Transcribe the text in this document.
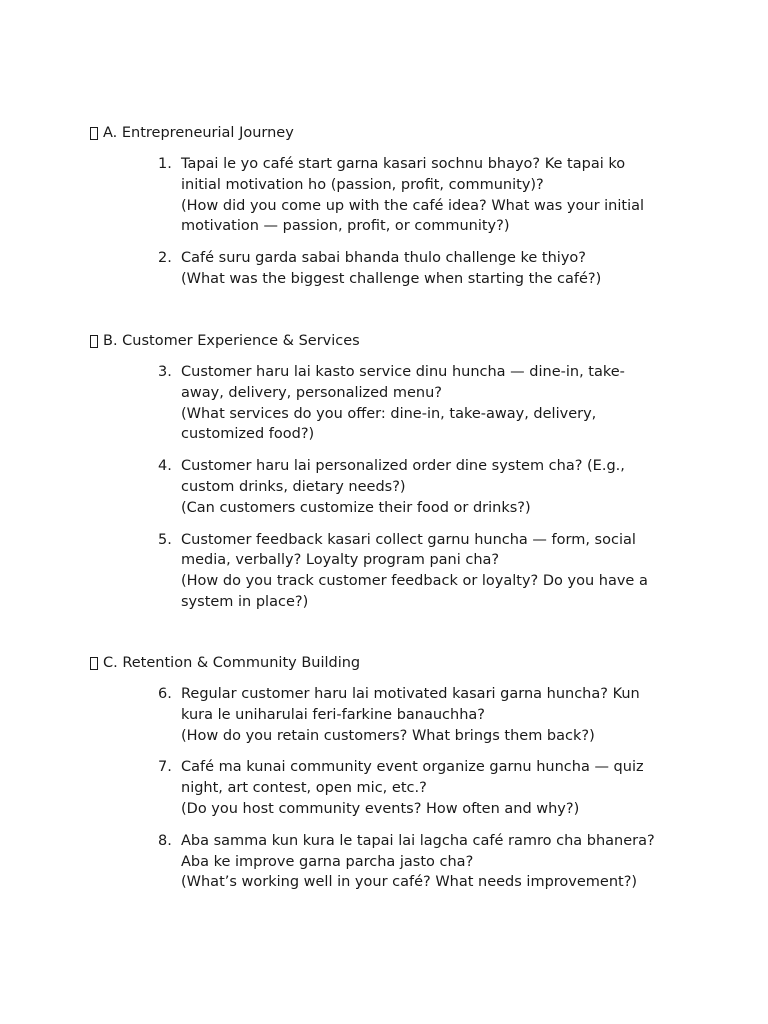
A. Entrepreneurial Journey
1. Tapai le yo café start garna kasari sochnu bhayo? Ke tapai ko
initial motivation ho (passion, profit, community)?
(How did you come up with the café idea? What was your initial
motivation — passion, profit, or community?)
2. Café suru garda sabai bhanda thulo challenge ke thiyo?
(What was the biggest challenge when starting the café?)
B. Customer Experience & Services
3. Customer haru lai kasto service dinu huncha — dine-in, take-
away, delivery, personalized menu?
(What services do you offer: dine-in, take-away, delivery,
customized food?)
4. Customer haru lai personalized order dine system cha? (E.g.,
custom drinks, dietary needs?)
(Can customers customize their food or drinks?)
5. Customer feedback kasari collect garnu huncha — form, social
media, verbally? Loyalty program pani cha?
(How do you track customer feedback or loyalty? Do you have a
system in place?)
C. Retention & Community Building
6. Regular customer haru lai motivated kasari garna huncha? Kun
kura le uniharulai feri-farkine banauchha?
(How do you retain customers? What brings them back?)
7. Café ma kunai community event organize garnu huncha — quiz
night, art contest, open mic, etc.?
(Do you host community events? How often and why?)
8. Aba samma kun kura le tapai lai lagcha café ramro cha bhanera?
Aba ke improve garna parcha jasto cha?
(What’s working well in your café? What needs improvement?)
